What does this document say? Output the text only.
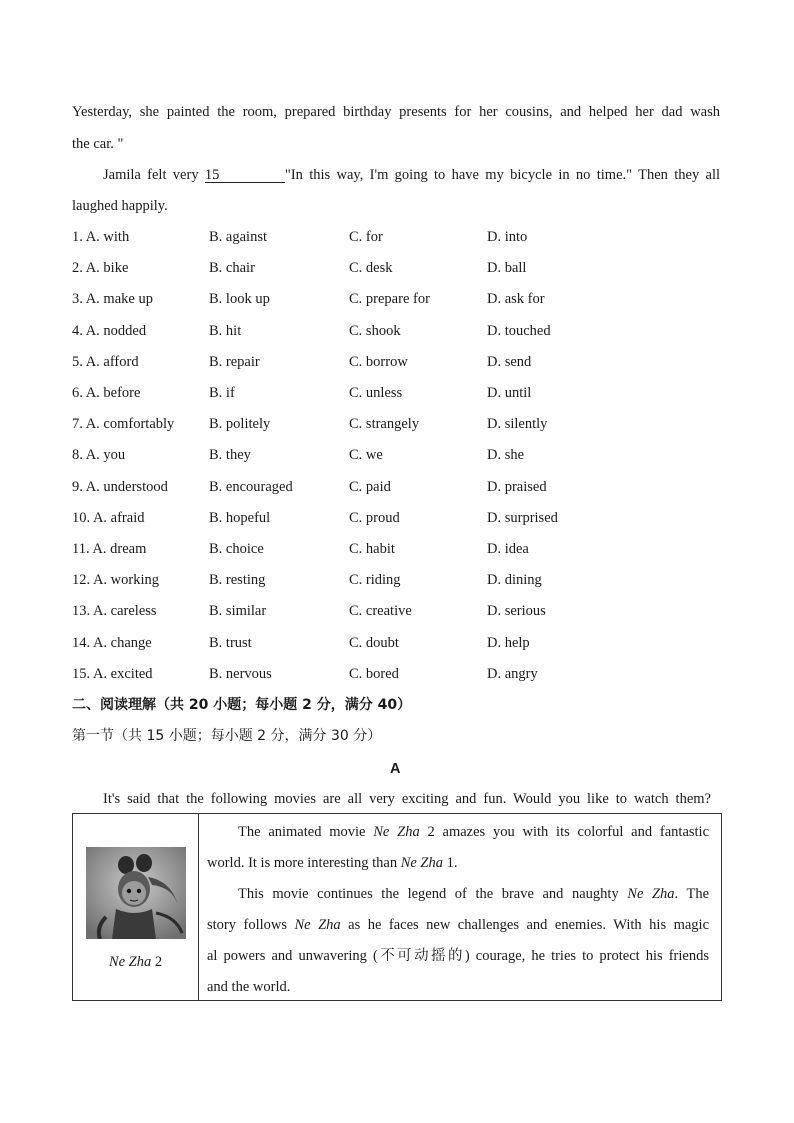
Yesterday, she painted the room, prepared birthday presents for her cousins, and helped her dad wash
the car. "
Jamila felt very 15	"In this way, I'm going to have my bicycle in no time." Then they all
laughed happily.
1. A. with	B. against	C. for	D. into
2. A. bike	B. chair	C. desk	D. ball
3. A. make up	B. look up	C. prepare for	D. ask for
4. A. nodded	B. hit	C. shook	D. touched
5. A. afford	B. repair	C. borrow	D. send
6. A. before	B. if	C. unless	D. until
7. A. comfortably B. politely	C. strangely	D. silently
8. A. you	B. they	C. we	D. she
9. A. understood	B. encouraged	C. paid	D. praised
10. A. afraid	B. hopeful	C. proud	D. surprised
11. A. dream	B. choice	C. habit	D. idea
12. A. working	B. resting	C. riding	D. dining
13. A. careless	B. similar	C. creative	D. serious
14. A. change	B. trust	C. doubt	D. help
15. A. excited	B. nervous	C. bored	D. angry
二、阅读理解（共 20 小题；每小题 2 分，满分 40）
第一节（共 15 小题；每小题 2 分，满分 30 分）
A
It's said that the following movies are all very exciting and fun. Would you like to watch them?
Ne Zha 2
The animated movie Ne Zha 2 amazes you with its colorful and fantastic
world. It is more interesting than Ne Zha 1.
This movie continues the legend of the brave and naughty Ne Zha. The
story follows Ne Zha as he faces new challenges and enemies. With his magic
al powers and unwavering (不可动摇的) courage, he tries to protect his friends
and the world.
